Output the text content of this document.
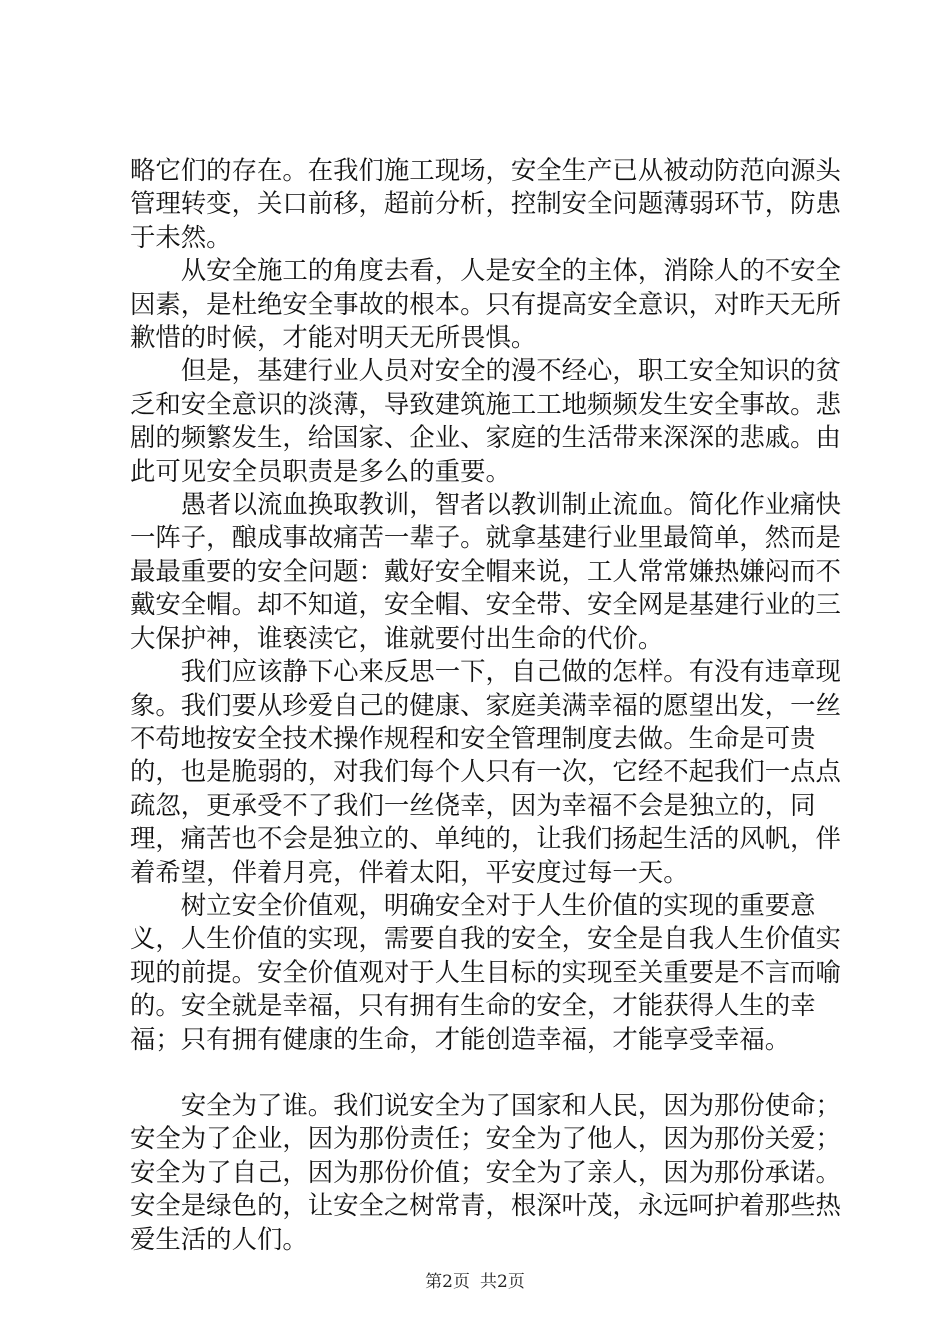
略它们的存在。在我们施工现场，安全生产已从被动防范向源头管理转变，关口前移，超前分析，控制安全问题薄弱环节，防患于未然。

　　从安全施工的角度去看，人是安全的主体，消除人的不安全因素，是杜绝安全事故的根本。只有提高安全意识，对昨天无所歉惜的时候，才能对明天无所畏惧。

　　但是，基建行业人员对安全的漫不经心，职工安全知识的贫乏和安全意识的淡薄，导致建筑施工工地频频发生安全事故。悲剧的频繁发生，给国家、企业、家庭的生活带来深深的悲戚。由此可见安全员职责是多么的重要。

　　愚者以流血换取教训，智者以教训制止流血。简化作业痛快一阵子，酿成事故痛苦一辈子。就拿基建行业里最简单，然而是最最重要的安全问题：戴好安全帽来说，工人常常嫌热嫌闷而不戴安全帽。却不知道，安全帽、安全带、安全网是基建行业的三大保护神，谁亵渎它，谁就要付出生命的代价。

　　我们应该静下心来反思一下，自己做的怎样。有没有违章现象。我们要从珍爱自己的健康、家庭美满幸福的愿望出发，一丝不苟地按安全技术操作规程和安全管理制度去做。生命是可贵的，也是脆弱的，对我们每个人只有一次，它经不起我们一点点疏忽，更承受不了我们一丝侥幸，因为幸福不会是独立的，同理，痛苦也不会是独立的、单纯的，让我们扬起生活的风帆，伴着希望，伴着月亮，伴着太阳，平安度过每一天。

　　树立安全价值观，明确安全对于人生价值的实现的重要意义，人生价值的实现，需要自我的安全，安全是自我人生价值实现的前提。安全价值观对于人生目标的实现至关重要是不言而喻的。安全就是幸福，只有拥有生命的安全，才能获得人生的幸福；只有拥有健康的生命，才能创造幸福，才能享受幸福。

　　安全为了谁。我们说安全为了国家和人民，因为那份使命；安全为了企业，因为那份责任；安全为了他人，因为那份关爱；安全为了自己，因为那份价值；安全为了亲人，因为那份承诺。安全是绿色的，让安全之树常青，根深叶茂，永远呵护着那些热爱生活的人们。

第2页 共2页
